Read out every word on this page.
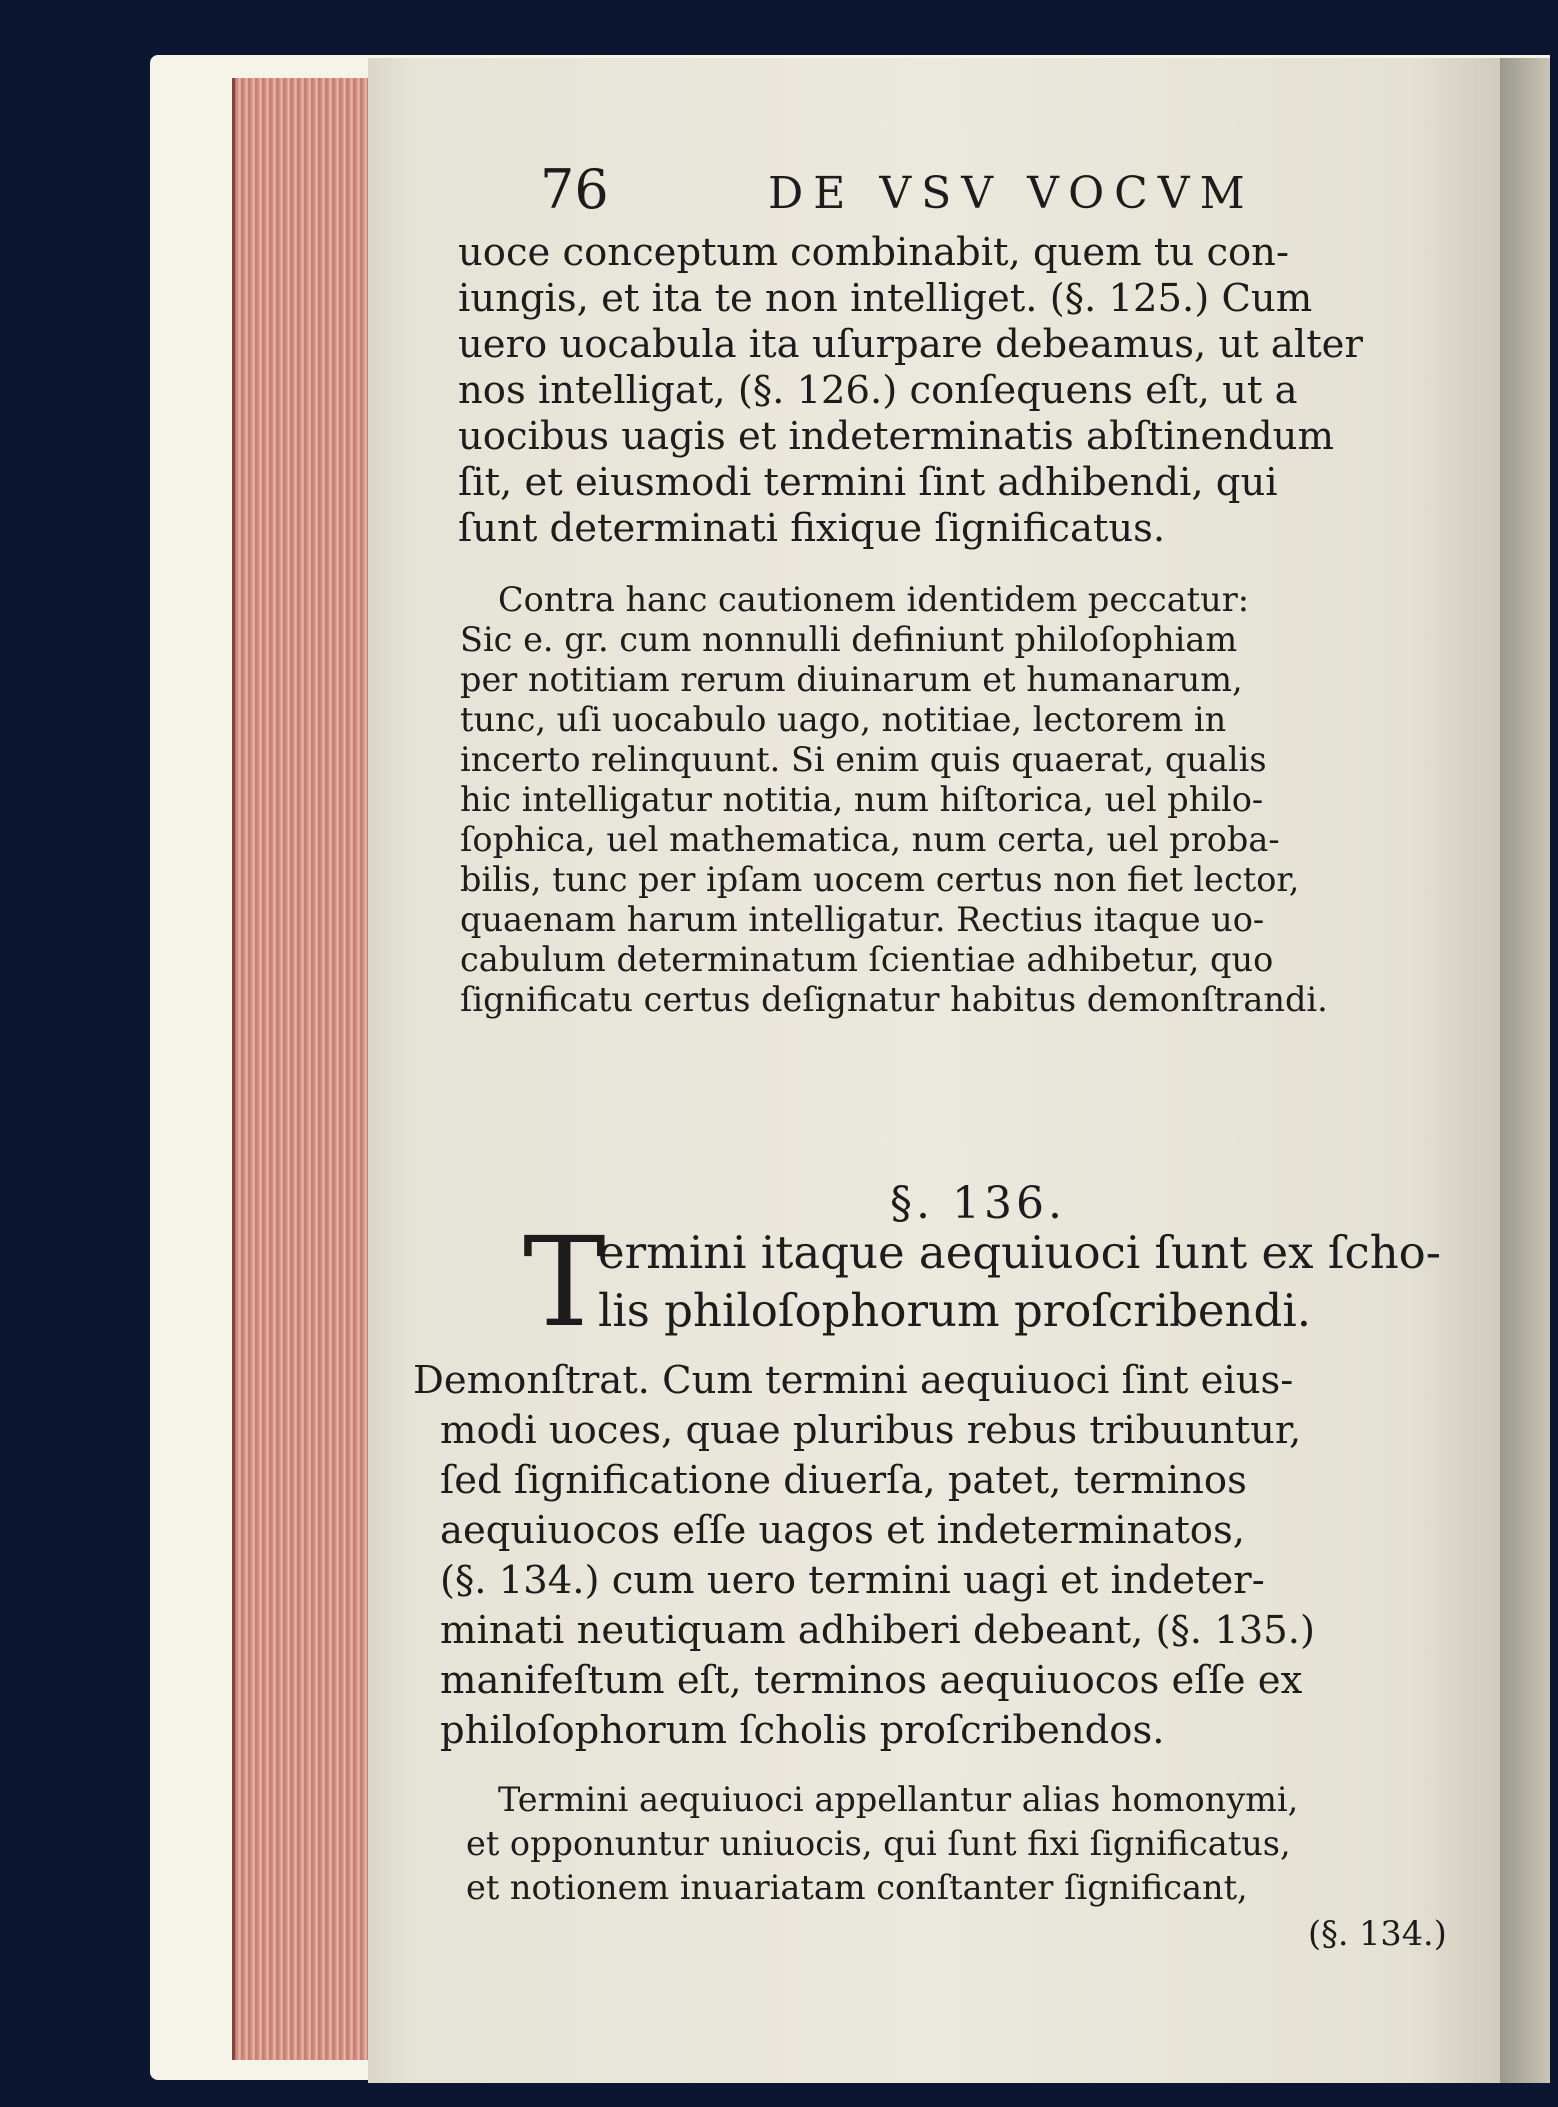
76	DE VSV VOCVM
uoce conceptum combinabit, quem tu con-
iungis, et ita te non intelliget. (§. 125.) Cum
uero uocabula ita uſurpare debeamus, ut alter
nos intelligat, (§. 126.) conſequens eſt, ut a
uocibus uagis et indeterminatis abſtinendum
ſit, et eiusmodi termini ſint adhibendi, qui
ſunt determinati fixique ſignificatus.
Contra hanc cautionem identidem peccatur:
Sic e. gr. cum nonnulli definiunt philoſophiam
per notitiam rerum diuinarum et humanarum,
tunc, uſi uocabulo uago, notitiae, lectorem in
incerto relinquunt. Si enim quis quaerat, qualis
hic intelligatur notitia, num hiſtorica, uel philo-
ſophica, uel mathematica, num certa, uel proba-
bilis, tunc per ipſam uocem certus non fiet lector,
quaenam harum intelligatur. Rectius itaque uo-
cabulum determinatum ſcientiae adhibetur, quo
ſignificatu certus deſignatur habitus demonſtrandi.
§. 136.
T
ermini itaque aequiuoci ſunt ex ſcho-
lis philoſophorum proſcribendi.
Demonſtrat. Cum termini aequiuoci ſint eius-
modi uoces, quae pluribus rebus tribuuntur,
ſed ſignificatione diuerſa, patet, terminos
aequiuocos eſſe uagos et indeterminatos,
(§. 134.) cum uero termini uagi et indeter-
minati neutiquam adhiberi debeant, (§. 135.)
manifeſtum eſt, terminos aequiuocos eſſe ex
philoſophorum ſcholis proſcribendos.
Termini aequiuoci appellantur alias homonymi,
et opponuntur uniuocis, qui ſunt fixi ſignificatus,
et notionem inuariatam conſtanter ſignificant,
(§. 134.)
